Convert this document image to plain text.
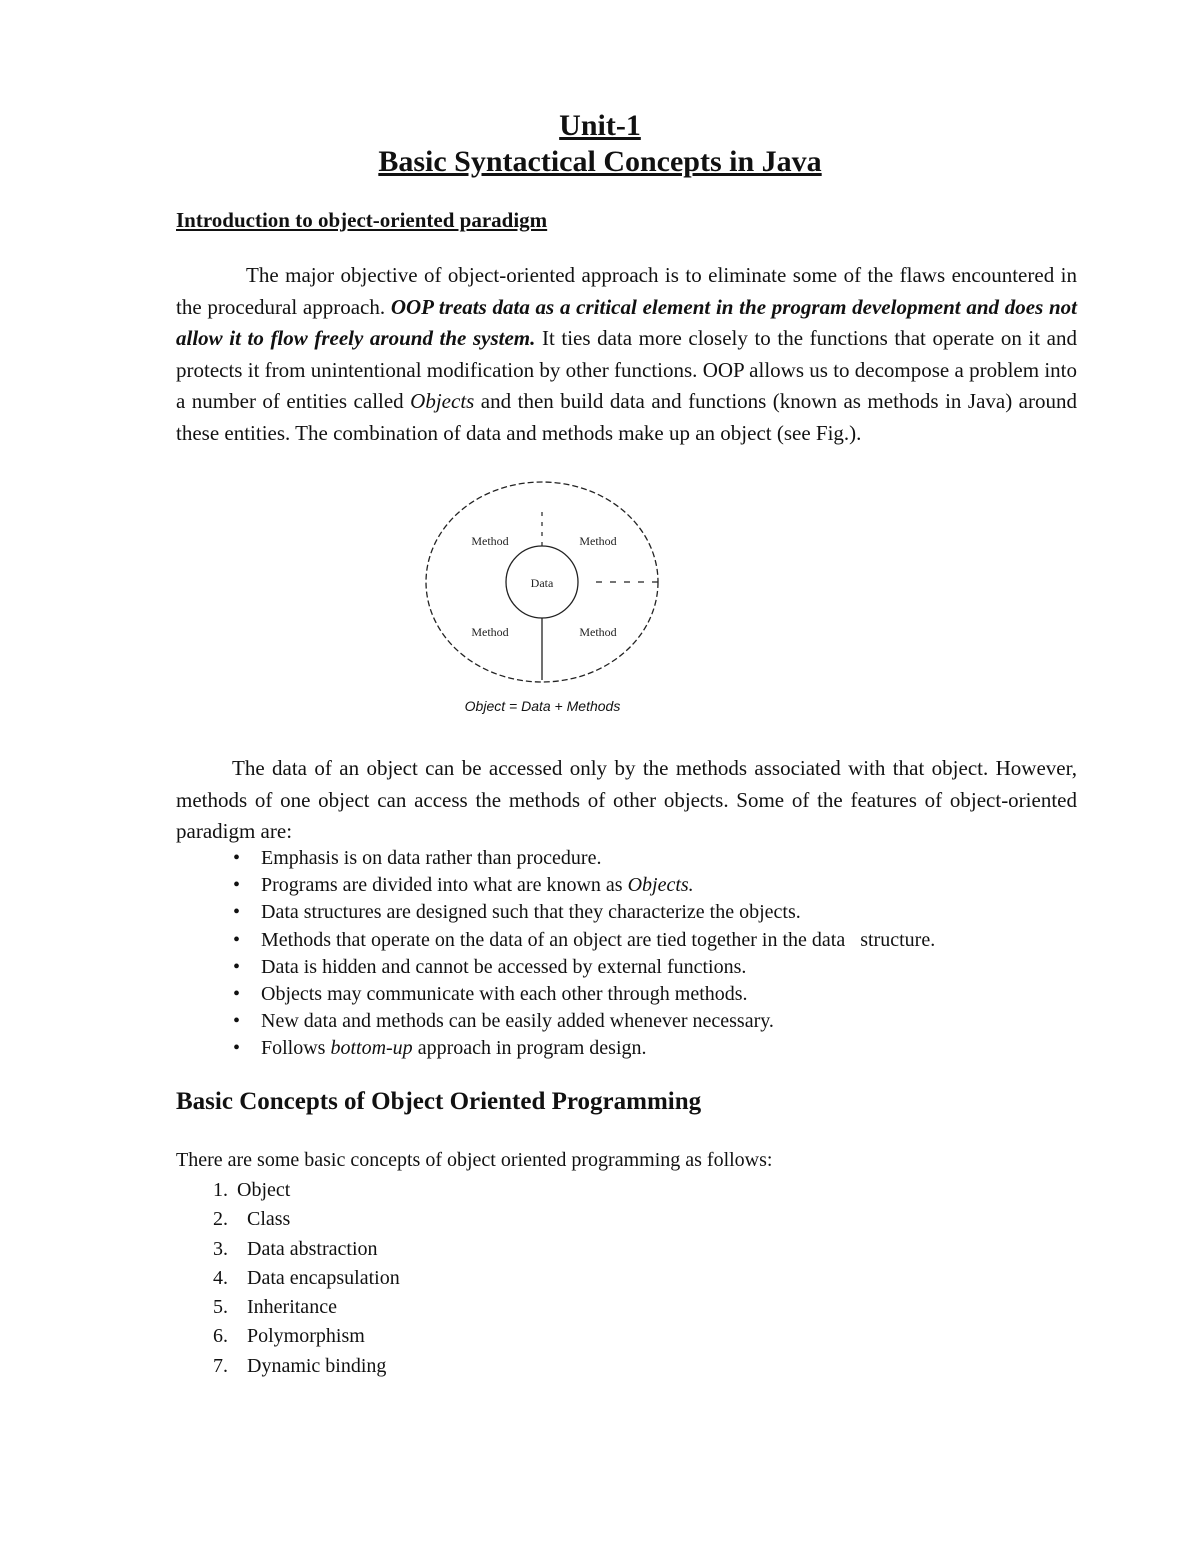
Unit-1

Basic Syntactical Concepts in Java

Introduction to object-oriented paradigm

The major objective of object-oriented approach is to eliminate some of the flaws encountered in the procedural approach. OOP treats data as a critical element in the program development and does not allow it to flow freely around the system. It ties data more closely to the functions that operate on it and protects it from unintentional modification by other functions. OOP allows us to decompose a problem into a number of entities called Objects and then build data and functions (known as methods in Java) around these entities. The combination of data and methods make up an object (see Fig.).

Method	Method
Data
Method	Method
Object = Data + Methods

The data of an object can be accessed only by the methods associated with that object. However, methods of one object can access the methods of other objects. Some of the features of object-oriented paradigm are:

• Emphasis is on data rather than procedure.
• Programs are divided into what are known as Objects.
• Data structures are designed such that they characterize the objects.
• Methods that operate on the data of an object are tied together in the data   structure.
• Data is hidden and cannot be accessed by external functions.
• Objects may communicate with each other through methods.
• New data and methods can be easily added whenever necessary.
• Follows bottom-up approach in program design.
Basic Concepts of Object Oriented Programming

There are some basic concepts of object oriented programming as follows:

1. Object
2. Class
3. Data abstraction
4. Data encapsulation
5. Inheritance
6. Polymorphism
7. Dynamic binding
